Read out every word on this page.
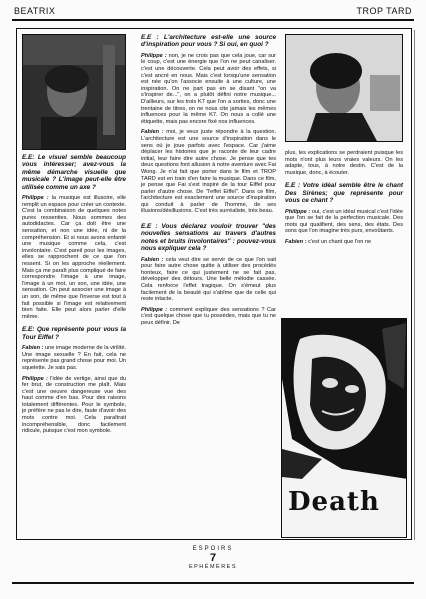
BEATRIX	TROP TARD

E.E: Le visuel semble beaucoup vous intéresser; avez-vous la même démarche visuelle que musicale ? L'image peut-elle être utilisée comme un axe ?

Philippe : la musique est illusoire, elle remplit un espace pour créer un contexte. C'est la combinaison de quelques notes pures ressenties. Nous sommes des autodidactes. Car ça doit être une sensation, et non une idée, ni de la compréhension. Et si nous avons enfanté une musique comme cela, c'est involontaire. C'est pareil pour les images, elles se rapprochent de ce que l'on ressent. Si on les approche réellement. Mais ça me paraît plus compliqué de faire correspondre l'image à une image, l'image à un mot, un son, une idée, une sensation. On peut associer une image à un son, de même que l'inverse est tout à fait possible si l'image est relativement bien faite. Elle peut alors parler d'elle même.

E.E: Que représente pour vous la Tour Eiffel ?

Fabien : une image moderne de la virilité. Une image sexuelle ? En fait, cela ne représente pas grand chose pour moi. Un squelette. Je sais pas.

Philippe : l'idée de vertige, ainsi que du fer brut, de construction me plaît. Mais c'est une oeuvre dangereuse vue des haut comme d'en bas. Pour des raisons totalement différentes. Pour le symbole, je préfère ne pas le dire, faute d'avoir des mots contre moi. Cela paraîtrait incompréhensible, donc facilement ridicule, puisque c'est mon symbole.

E.E : L'architecture est-elle une source d'inspiration pour vous ? Si oui, en quoi ?

Philippe : non, je ne crois pas que cela joue, car sur le coup, c'est une énergie que l'on ne peut canaliser. c'est une découverte. Cela peut avoir des effets, si c'est ancré en nous. Mais c'est lorsqu'une sensation est née qu'on l'associe ensuite à une culture, une inspiration. On ne part pas en se disant "on va s'inspirer de...", on a plutôt défini notre musique... D'ailleurs, sur les trois K7 que l'on a sorties, donc une trentaine de titres, on ne nous cite jamais les mêmes influences pour la même K7. On nous a collé une étiquette, mais pas encore fixé nos influences.

Fabien : moi, je veux juste répondre à la question. L'architecture est une source d'inspiration dans le sens où je joue parfois avec l'espace. Car j'aime déplacer les histoires que je raconte de leur cadre initial, leur faire dire autre chose. Je pense que tes deux questions font allusion à notre aventure avec Fai Wong. Je n'ai fait que porter dans le film et TROP TARD est en train d'en faire la musique. Dans ce film, je pense que Fai s'est inspiré de la tour Eiffel pour parler d'autre chose. De "l'effet Eiffel". Dans ce film, l'architecture est exactement une source d'inspiration qui conduit à parler de l'homme, de ses illusions/désillusions. C'est très surréaliste, très beau.

E.E : Vous déclarez vouloir trouver "des nouvelles sensations au travers d'autres notes et bruits involontaires" : pouvez-vous nous expliquer cela ?

Fabien : cela veut dire se servir de ce que l'on sait pour faire autre chose quitte à utiliser des procédés honteux, faire ce qui justement ne se fait pas, développer des détours. Une belle mélodie cassée. Cela renforce l'effet tragique. On s'émeut plus facilement de la beauté qui s'abîme que de celle qui reste intacte.

Philippe : comment expliquer des sensations ? Car c'est quelque chose que tu possèdes, mais que tu ne peux définir. De

plus, les explications se perdraient puisque les mots n'ont plus leurs vraies valeurs. On les adapte, tous, à notre destin. C'est de la musique, donc, à écouter.

E.E : Votre idéal semble être le chant Des Sirènes; que représente pour vous ce chant ?

Philippe : oui, c'est un idéal musical c'est l'idée que l'on se fait de la perfection musicale. Des mots qui qualifient, des sens, des états. Des sons que l'on imagine très purs, envoûtants.

Fabien : c'est un chant que l'on ne

Death
ESPOIRS
7
EPHÉMÈRES
